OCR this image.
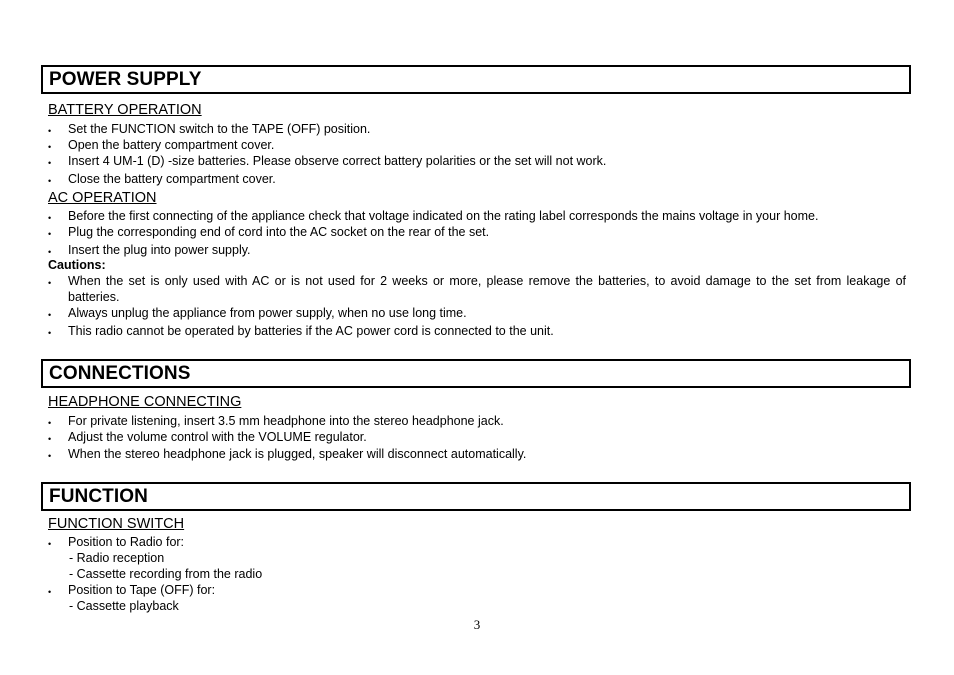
POWER SUPPLY
BATTERY OPERATION
•	Set the FUNCTION switch to the TAPE (OFF) position.
•	Open the battery compartment cover.
•	Insert 4 UM-1 (D) -size batteries. Please observe correct battery polarities or the set will not work.
•	Close the battery compartment cover.
AC OPERATION
•	Before the first connecting of the appliance check that voltage indicated on the rating label corresponds the mains voltage in your home.
•	Plug the corresponding end of cord into the AC socket on the rear of the set.
•	Insert the plug into power supply.
Cautions:
•	When the set is only used with AC or is not used for 2 weeks or more, please remove the batteries, to avoid damage to the set from leakage of batteries.
•	Always unplug the appliance from power supply, when no use long time.
•	This radio cannot be operated by batteries if the AC power cord is connected to the unit.
CONNECTIONS
HEADPHONE CONNECTING
•	For private listening, insert 3.5 mm headphone into the stereo headphone jack.
•	Adjust the volume control with the VOLUME regulator.
•	When the stereo headphone jack is plugged, speaker will disconnect automatically.
FUNCTION
FUNCTION SWITCH
•	Position to Radio for:
- Radio reception
- Cassette recording from the radio
•	Position to Tape (OFF) for:
- Cassette playback
3
